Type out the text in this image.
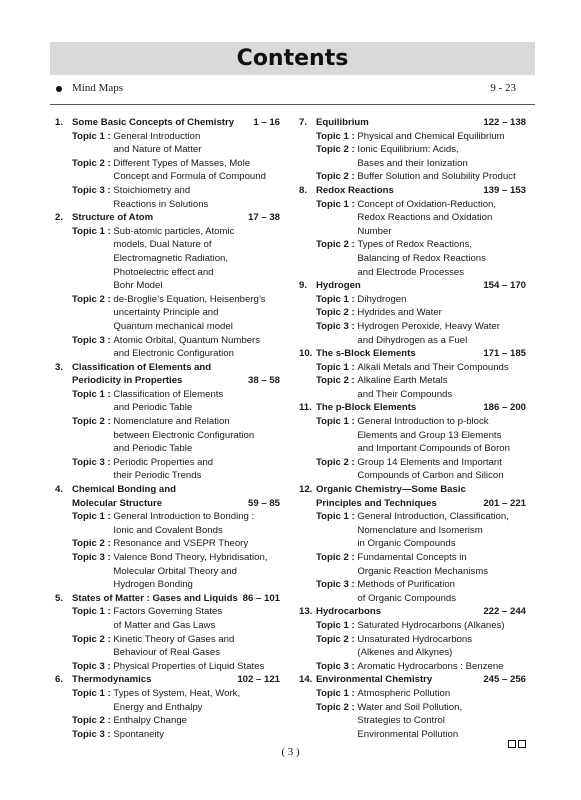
Contents
Mind Maps	9 - 23
1. Some Basic Concepts of Chemistry	1 – 16
Topic 1 : General Introduction
and Nature of Matter
Topic 2 : Different Types of Masses, Mole
Concept and Formula of Compound
Topic 3 : Stoichiometry and
Reactions in Solutions
2. Structure of Atom	17 – 38
Topic 1 : Sub-atomic particles, Atomic
models, Dual Nature of
Electromagnetic Radiation,
Photoelectric effect and
Bohr Model
Topic 2 : de-Broglie’s Equation, Heisenberg’s
uncertainty Principle and
Quantum mechanical model
Topic 3 : Atomic Orbital, Quantum Numbers
and Electronic Configuration
3. Classification of Elements and
Periodicity in Properties	38 – 58
Topic 1 : Classification of Elements
and Periodic Table
Topic 2 : Nomenclature and Relation
between Electronic Configuration
and Periodic Table
Topic 3 : Periodic Properties and
their Periodic Trends
4. Chemical Bonding and
Molecular Structure	59 – 85
Topic 1 : General Introduction to Bonding :
Ionic and Covalent Bonds
Topic 2 : Resonance and VSEPR Theory
Topic 3 : Valence Bond Theory, Hybridisation,
Molecular Orbital Theory and
Hydrogen Bonding
5. States of Matter : Gases and Liquids 86 – 101
Topic 1 : Factors Governing States
of Matter and Gas Laws
Topic 2 : Kinetic Theory of Gases and
Behaviour of Real Gases
Topic 3 : Physical Properties of Liquid States
6. Thermodynamics	102 – 121
Topic 1 : Types of System, Heat, Work,
Energy and Enthalpy
Topic 2 : Enthalpy Change
Topic 3 : Spontaneity
7. Equilibrium	122 – 138
Topic 1 : Physical and Chemical Equilibrium
Topic 2 : Ionic Equilibrium: Acids,
Bases and their Ionization
Topic 2 : Buffer Solution and Solubility Product
8. Redox Reactions	139 – 153
Topic 1 : Concept of Oxidation-Reduction,
Redox Reactions and Oxidation
Number
Topic 2 : Types of Redox Reactions,
Balancing of Redox Reactions
and Electrode Processes
9. Hydrogen	154 – 170
Topic 1 : Dihydrogen
Topic 2 : Hydrides and Water
Topic 3 : Hydrogen Peroxide, Heavy Water
and Dihydrogen as a Fuel
10. The s-Block Elements	171 – 185
Topic 1 : Alkali Metals and Their Compounds
Topic 2 : Alkaline Earth Metals
and Their Compounds
11. The p-Block Elements	186 – 200
Topic 1 : General Introduction to p-block
Elements and Group 13 Elements
and Important Compounds of Boron
Topic 2 : Group 14 Elements and Important
Compounds of Carbon and Silicon
12. Organic Chemistry—Some Basic
Principles and Techniques	201 – 221
Topic 1 : General Introduction, Classification,
Nomenclature and Isomerism
in Organic Compounds
Topic 2 : Fundamental Concepts in
Organic Reaction Mechanisms
Topic 3 : Methods of Purification
of Organic Compounds
13. Hydrocarbons	222 – 244
Topic 1 : Saturated Hydrocarbons (Alkanes)
Topic 2 : Unsaturated Hydrocarbons
(Alkenes and Alkynes)
Topic 3 : Aromatic Hydrocarbons : Benzene
14. Environmental Chemistry	245 – 256
Topic 1 : Atmospheric Pollution
Topic 2 : Water and Soil Pollution,
Strategies to Control
Environmental Pollution
( 3 )
